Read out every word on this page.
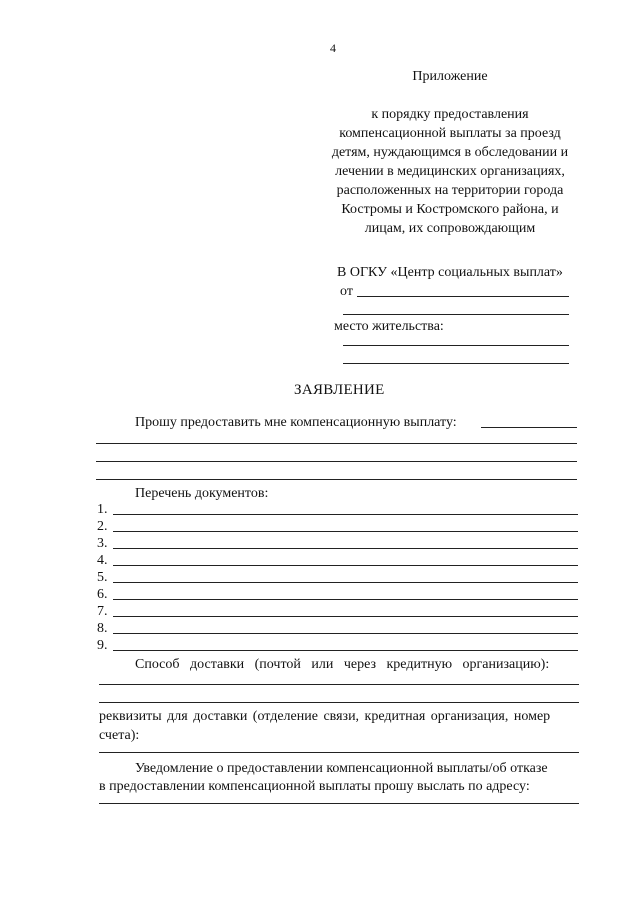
4
Приложение
к порядку предоставления
компенсационной выплаты за проезд
детям, нуждающимся в обследовании и
лечении в медицинских организациях,
расположенных на территории города
Костромы и Костромского района, и
лицам, их сопровождающим
В ОГКУ «Центр социальных выплат»
от
место жительства:
ЗАЯВЛЕНИЕ
Прошу предоставить мне компенсационную выплату:
Перечень документов:
1.
2.
3.
4.
5.
6.
7.
8.
9.
Способ доставки (почтой или через кредитную организацию):
реквизиты для доставки (отделение связи, кредитная организация, номер
счета):
Уведомление о предоставлении компенсационной выплаты/об отказе
в предоставлении компенсационной выплаты прошу выслать по адресу:
